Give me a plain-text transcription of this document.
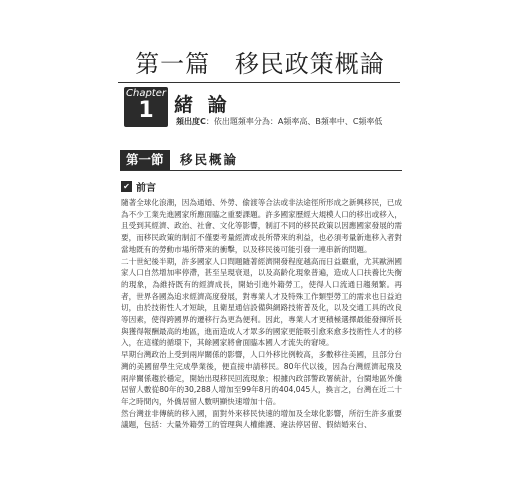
第一篇 移民政策概論
Chapter
1	緒 論
頻出度C：依出題頻率分為：A頻率高、B頻率中、C頻率低
第一節	移民概論
✔ 前言

隨著全球化浪潮，因為通婚、外勞、偷渡等合法或非法途徑所形成之新興移民，已成為不少工業先進國家所應面臨之重要課題。許多國家歷經大規模人口的移出或移入，且受到其經濟、政治、社會、文化等影響，制訂不同的移民政策以因應國家發展的需要，而移民政策的制訂不僅要考量經濟或長所帶來的利益，也必須考量新進移入者對當地既有的勞動市場所帶來的衝擊，以及移民後可能引發一連串新的問題。

二十世紀後半期，許多國家人口問題隨著經濟開發程度越高而日益嚴重，尤其歐洲國家人口自然增加率停滯，甚至呈現衰退，以及高齡化現象普遍，造成人口扶養比失衡的現象，為維持既有的經濟成長，開始引進外籍勞工，使得人口流通日趨頻繁。再者，世界各國為追求經濟高度發展，對專業人才及特殊工作類型勞工的需求也日益迫切，由於技術性人才短缺，且衛星通信設備與網路技術普及化，以及交通工具的改良等因素，使得跨國界的遷移行為更為便利。因此，專業人才更積極選擇最能發揮所長與獲得報酬最高的地區，進而造成人才眾多的國家更能吸引愈來愈多技術性人才的移入，在這樣的循環下，其餘國家將會面臨本國人才流失的窘境。

早期台灣政治上受到兩岸關係的影響，人口外移比例較高，多數移往美國，且部分台灣的美國留學生完成學業後，便直接申請移民。80年代以後，因為台灣經濟起飛及兩岸關係趨於穩定，開始出現移民回流現象；根據內政部警政署統計，台閩地區外僑居留人數從80年的30,288人增加至99年8月的404,045人，換言之，台灣在近二十年之時間內，外僑居留人數明顯快速增加十倍。

然台灣並非傳統的移入國，面對外來移民快速的增加及全球化影響，所衍生許多重要議題，包括：大量外籍勞工的管理與人權維護、違法停居留、假結婚來台、
